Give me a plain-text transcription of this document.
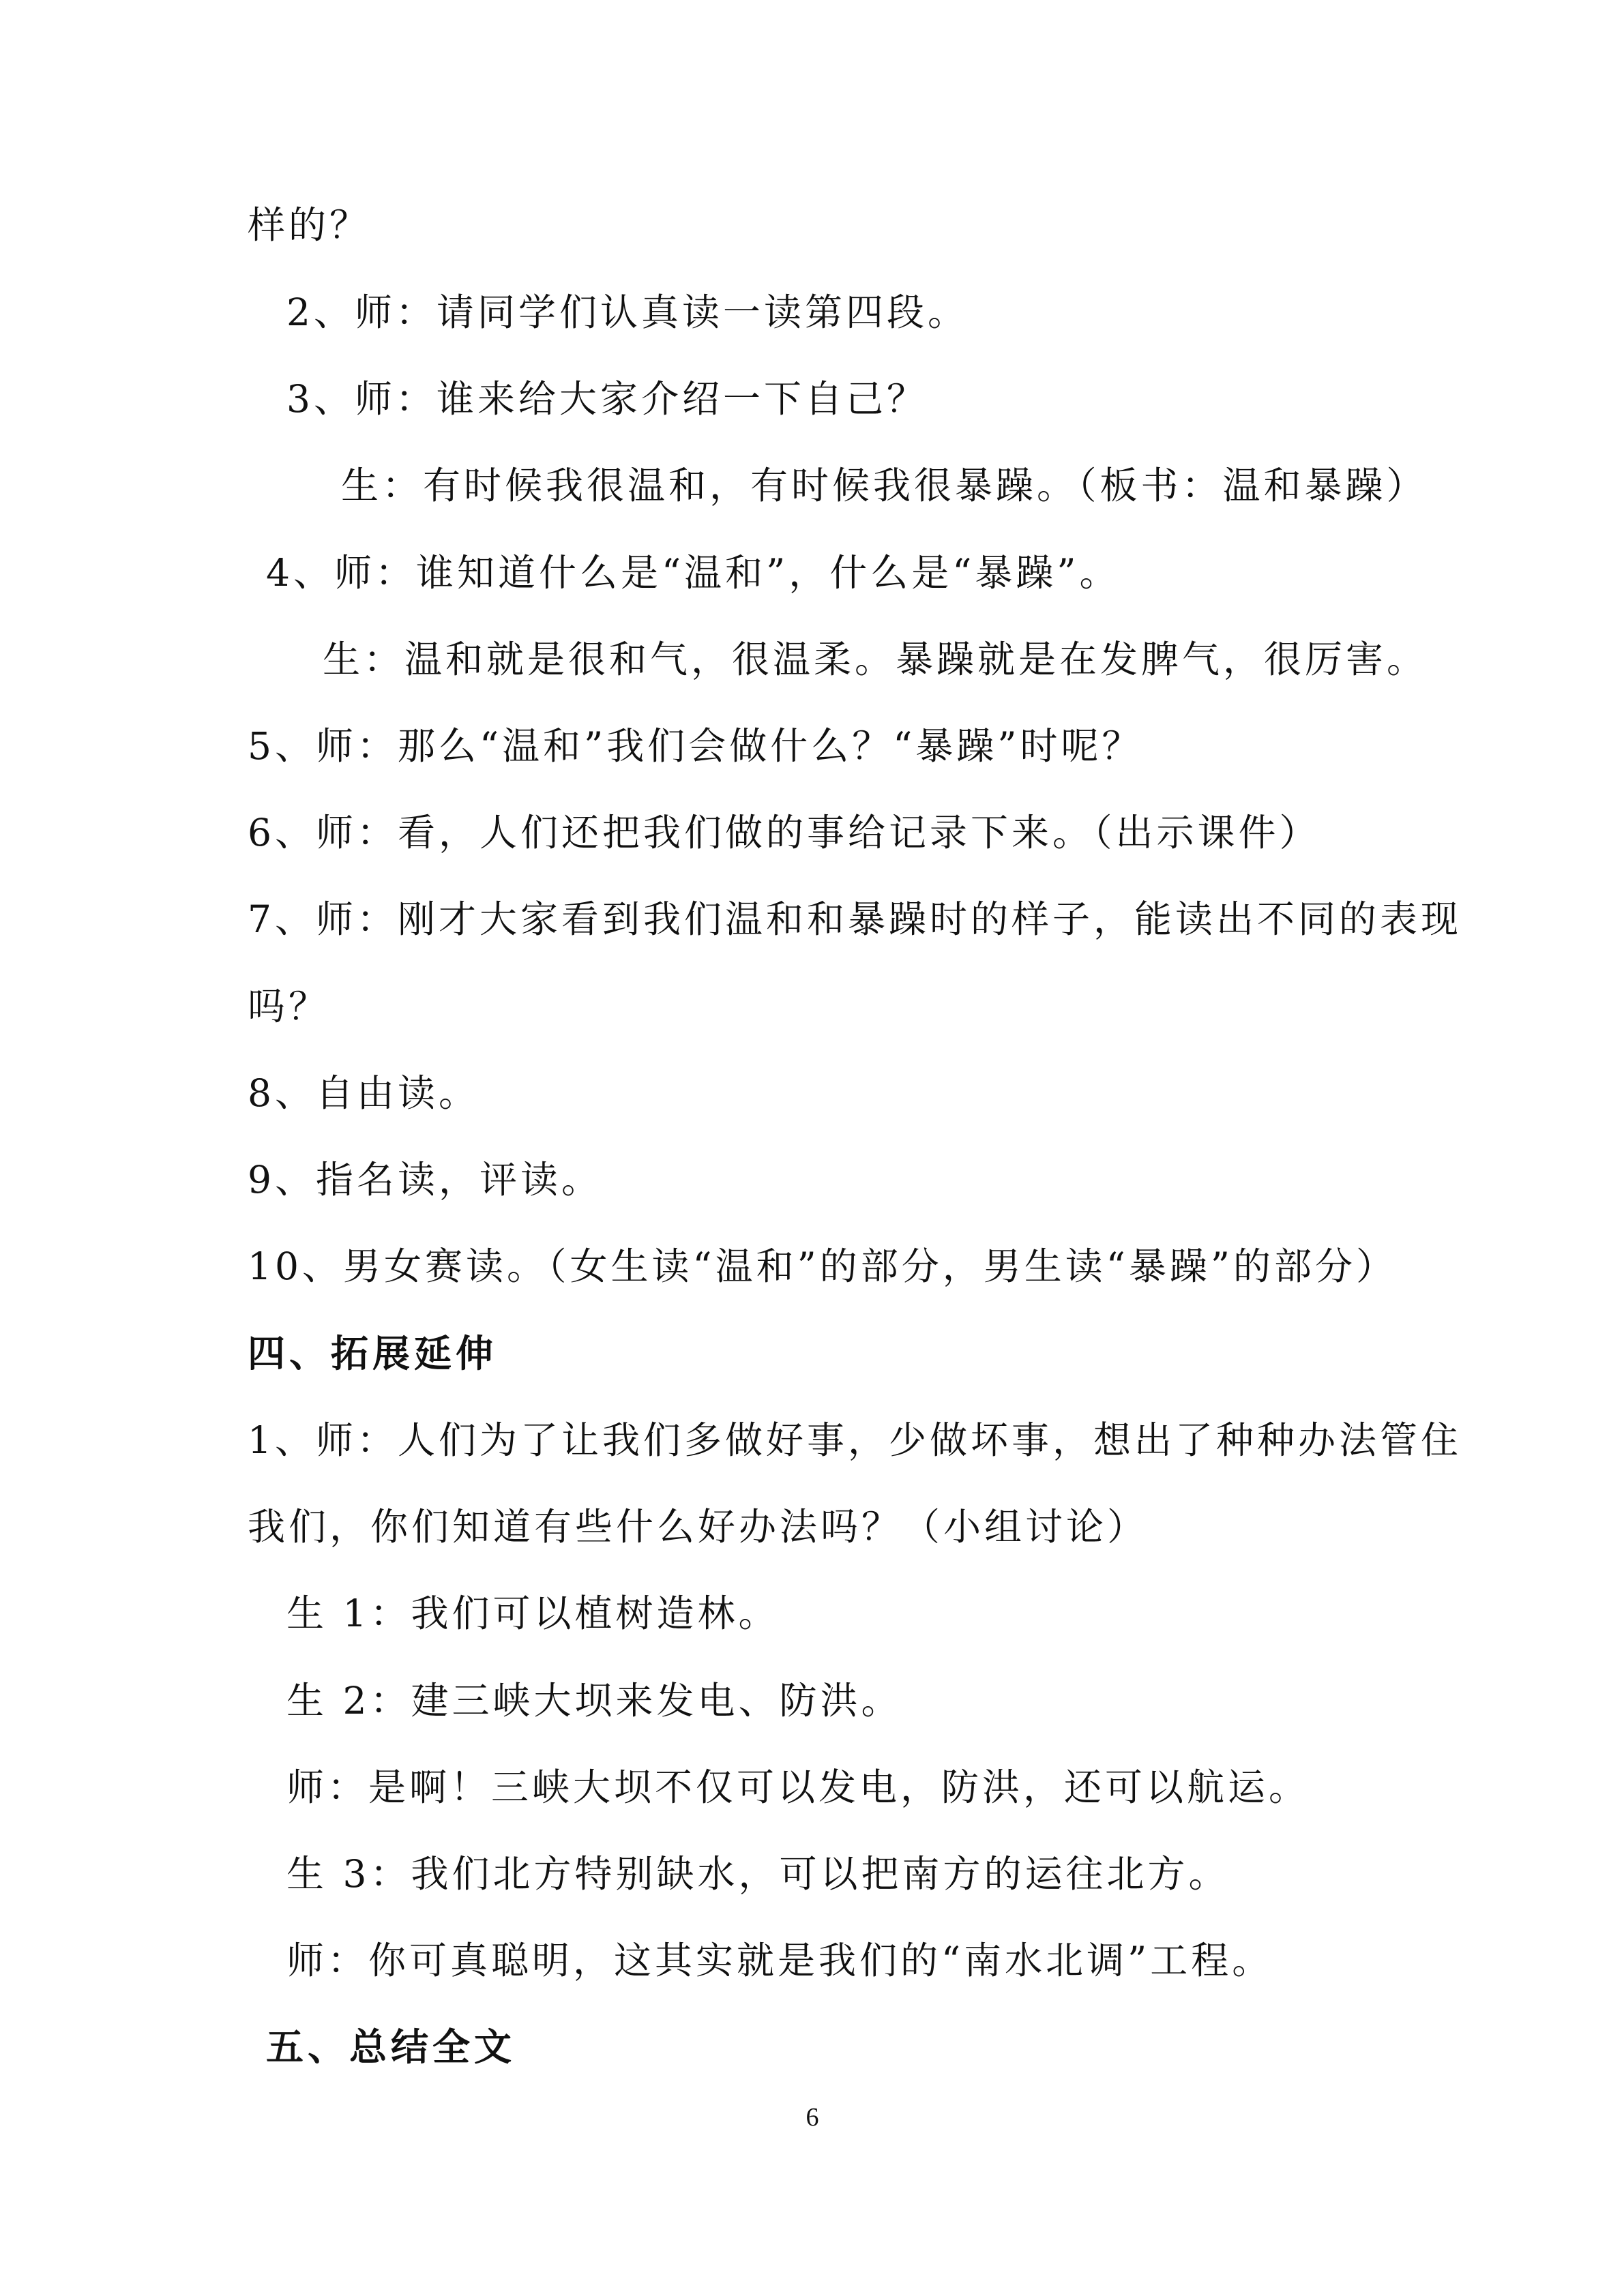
样的？
2、师：请同学们认真读一读第四段。
3、师：谁来给大家介绍一下自己？
生：有时候我很温和，有时候我很暴躁。（板书：温和暴躁）
4、师：谁知道什么是“温和”，什么是“暴躁”。
生：温和就是很和气，很温柔。暴躁就是在发脾气，很厉害。
5、师：那么“温和”我们会做什么？“暴躁”时呢？
6、师：看，人们还把我们做的事给记录下来。（出示课件）
7、师：刚才大家看到我们温和和暴躁时的样子，能读出不同的表现
吗？
8、自由读。
9、指名读，评读。
10、男女赛读。（女生读“温和”的部分，男生读“暴躁”的部分）
四、拓展延伸
1、师：人们为了让我们多做好事，少做坏事，想出了种种办法管住
我们，你们知道有些什么好办法吗？（小组讨论）
生 1：我们可以植树造林。
生 2：建三峡大坝来发电、防洪。
师：是啊！三峡大坝不仅可以发电，防洪，还可以航运。
生 3：我们北方特别缺水，可以把南方的运往北方。
师：你可真聪明，这其实就是我们的“南水北调”工程。
五、总结全文
6
